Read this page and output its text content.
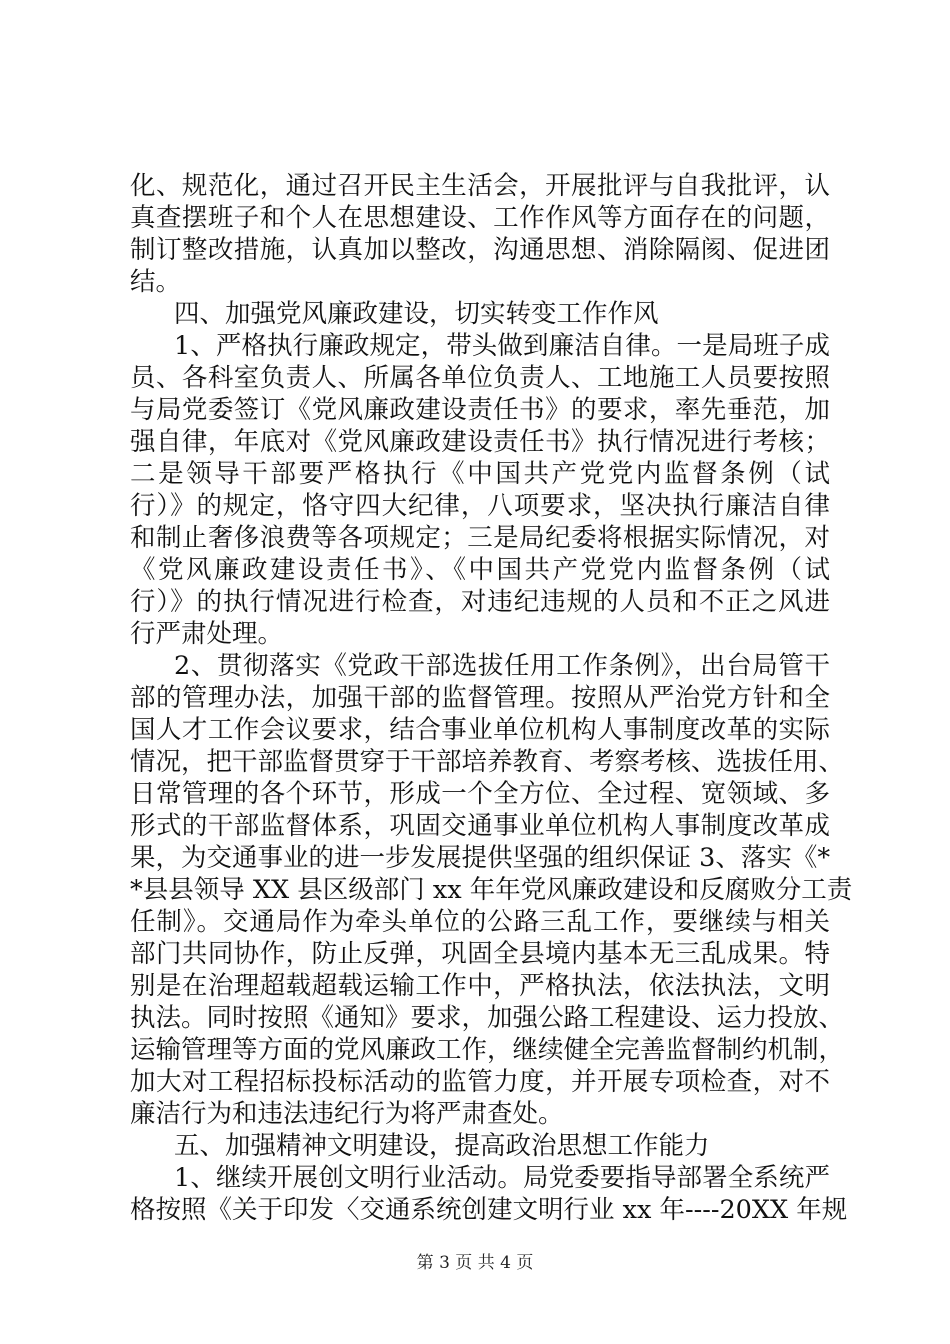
化、规范化，通过召开民主生活会，开展批评与自我批评，认
真查摆班子和个人在思想建设、工作作风等方面存在的问题，
制订整改措施，认真加以整改，沟通思想、消除隔阂、促进团
结。
四、加强党风廉政建设，切实转变工作作风
1、严格执行廉政规定，带头做到廉洁自律。一是局班子成
员、各科室负责人、所属各单位负责人、工地施工人员要按照
与局党委签订《党风廉政建设责任书》的要求，率先垂范，加
强自律，年底对《党风廉政建设责任书》执行情况进行考核；
二是领导干部要严格执行《中国共产党党内监督条例（试
行）》的规定，恪守四大纪律，八项要求，坚决执行廉洁自律
和制止奢侈浪费等各项规定；三是局纪委将根据实际情况，对
《党风廉政建设责任书》、《中国共产党党内监督条例（试
行）》的执行情况进行检查，对违纪违规的人员和不正之风进
行严肃处理。
2、贯彻落实《党政干部选拔任用工作条例》，出台局管干
部的管理办法，加强干部的监督管理。按照从严治党方针和全
国人才工作会议要求，结合事业单位机构人事制度改革的实际
情况，把干部监督贯穿于干部培养教育、考察考核、选拔任用、
日常管理的各个环节，形成一个全方位、全过程、宽领域、多
形式的干部监督体系，巩固交通事业单位机构人事制度改革成
果，为交通事业的进一步发展提供坚强的组织保证 3、落实《*
*县县领导 XX 县区级部门 xx 年年党风廉政建设和反腐败分工责
任制》。交通局作为牵头单位的公路三乱工作，要继续与相关
部门共同协作，防止反弹，巩固全县境内基本无三乱成果。特
别是在治理超载超载运输工作中，严格执法，依法执法，文明
执法。同时按照《通知》要求，加强公路工程建设、运力投放、
运输管理等方面的党风廉政工作，继续健全完善监督制约机制，
加大对工程招标投标活动的监管力度，并开展专项检查，对不
廉洁行为和违法违纪行为将严肃查处。
五、加强精神文明建设，提高政治思想工作能力
1、继续开展创文明行业活动。局党委要指导部署全系统严
格按照《关于印发〈交通系统创建文明行业 xx 年----20XX 年规
第 3 页 共 4 页
